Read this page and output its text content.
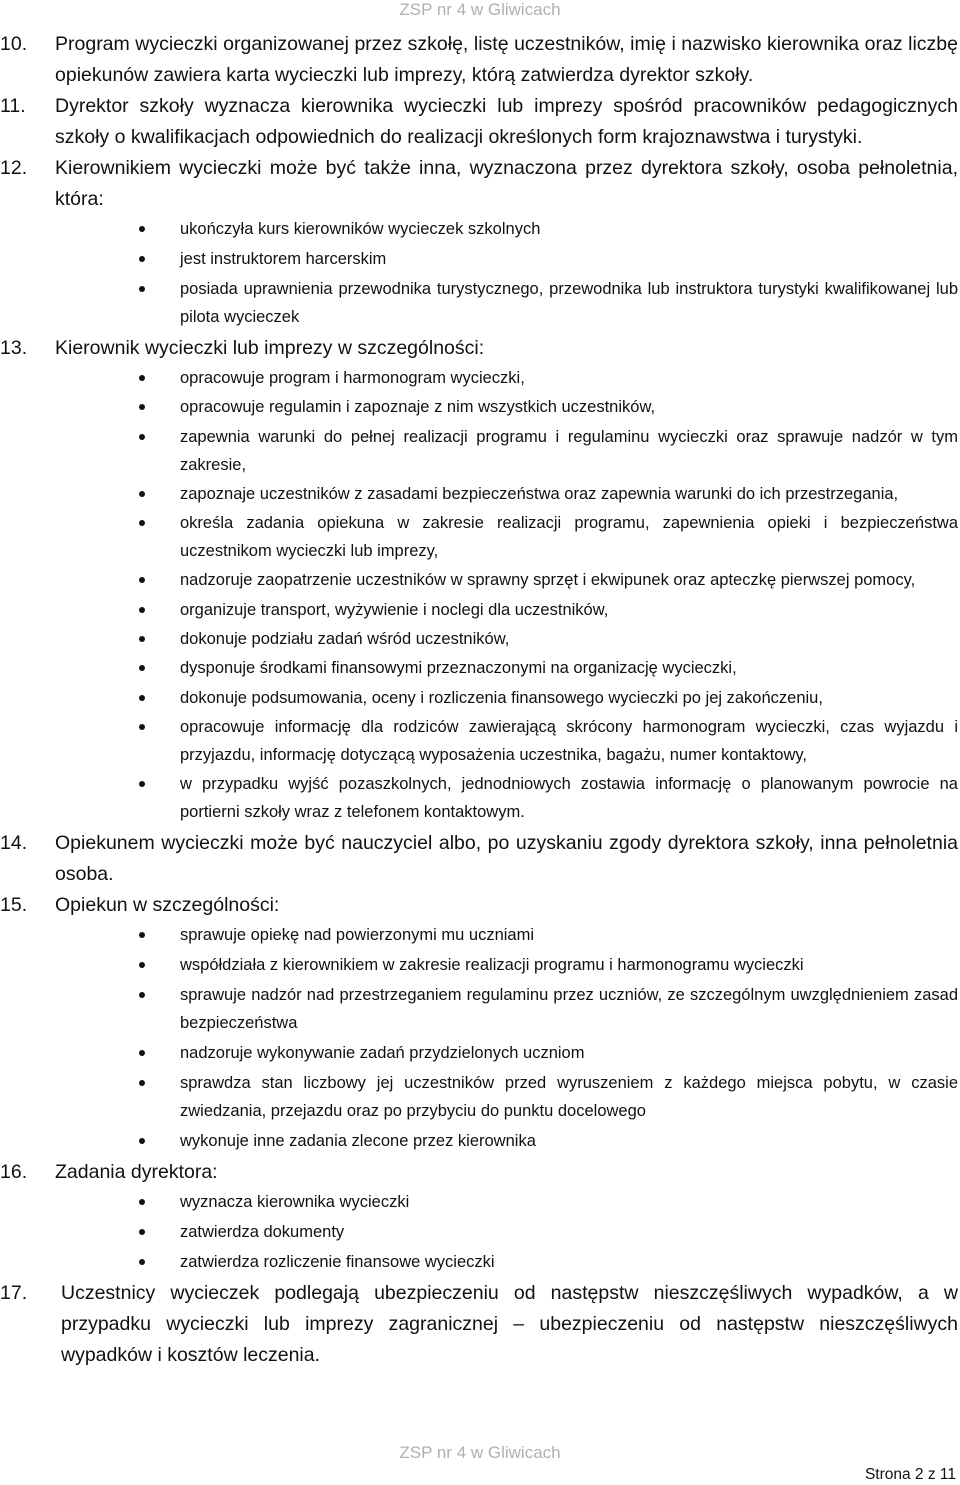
ZSP nr 4 w Gliwicach
10. Program wycieczki organizowanej przez szkołę, listę uczestników, imię i nazwisko kierownika oraz liczbę opiekunów zawiera karta wycieczki lub imprezy, którą zatwierdza dyrektor szkoły.
11. Dyrektor szkoły wyznacza kierownika wycieczki lub imprezy spośród pracowników pedagogicznych szkoły o kwalifikacjach odpowiednich do realizacji określonych form krajoznawstwa i turystyki.
12. Kierownikiem wycieczki może być także inna, wyznaczona przez dyrektora szkoły, osoba pełnoletnia, która:
ukończyła kurs kierowników wycieczek szkolnych
jest instruktorem harcerskim
posiada uprawnienia przewodnika turystycznego, przewodnika lub instruktora turystyki kwalifikowanej lub pilota wycieczek
13. Kierownik wycieczki lub imprezy w szczególności:
opracowuje program i harmonogram wycieczki,
opracowuje regulamin i zapoznaje z nim wszystkich uczestników,
zapewnia warunki do pełnej realizacji programu i regulaminu wycieczki oraz sprawuje nadzór w tym zakresie,
zapoznaje uczestników z zasadami bezpieczeństwa oraz zapewnia warunki do ich przestrzegania,
określa zadania opiekuna w zakresie realizacji programu, zapewnienia opieki i bezpieczeństwa uczestnikom wycieczki lub imprezy,
nadzoruje zaopatrzenie uczestników w sprawny sprzęt i ekwipunek oraz apteczkę pierwszej pomocy,
organizuje transport, wyżywienie i noclegi dla uczestników,
dokonuje podziału zadań wśród uczestników,
dysponuje środkami finansowymi przeznaczonymi na organizację wycieczki,
dokonuje podsumowania, oceny i rozliczenia finansowego wycieczki po jej zakończeniu,
opracowuje informację dla rodziców zawierającą skrócony harmonogram wycieczki, czas wyjazdu i przyjazdu, informację dotyczącą wyposażenia uczestnika, bagażu, numer kontaktowy,
w przypadku wyjść pozaszkolnych, jednodniowych zostawia informację o planowanym powrocie na portierni szkoły wraz z telefonem kontaktowym.
14. Opiekunem wycieczki może być nauczyciel albo, po uzyskaniu zgody dyrektora szkoły, inna pełnoletnia osoba.
15. Opiekun w szczególności:
sprawuje opiekę nad powierzonymi mu uczniami
współdziała z kierownikiem w zakresie realizacji programu i harmonogramu wycieczki
sprawuje nadzór nad przestrzeganiem regulaminu przez uczniów, ze szczególnym uwzględnieniem zasad bezpieczeństwa
nadzoruje wykonywanie zadań przydzielonych uczniom
sprawdza stan liczbowy jej uczestników przed wyruszeniem z każdego miejsca pobytu, w czasie zwiedzania, przejazdu oraz po przybyciu do punktu docelowego
wykonuje inne zadania zlecone przez kierownika
16. Zadania dyrektora:
wyznacza kierownika wycieczki
zatwierdza dokumenty
zatwierdza rozliczenie finansowe wycieczki
17. Uczestnicy wycieczek podlegają ubezpieczeniu od następstw nieszczęśliwych wypadków, a w przypadku wycieczki lub imprezy zagranicznej – ubezpieczeniu od następstw nieszczęśliwych wypadków i kosztów leczenia.
ZSP nr 4 w Gliwicach
Strona 2 z 11
